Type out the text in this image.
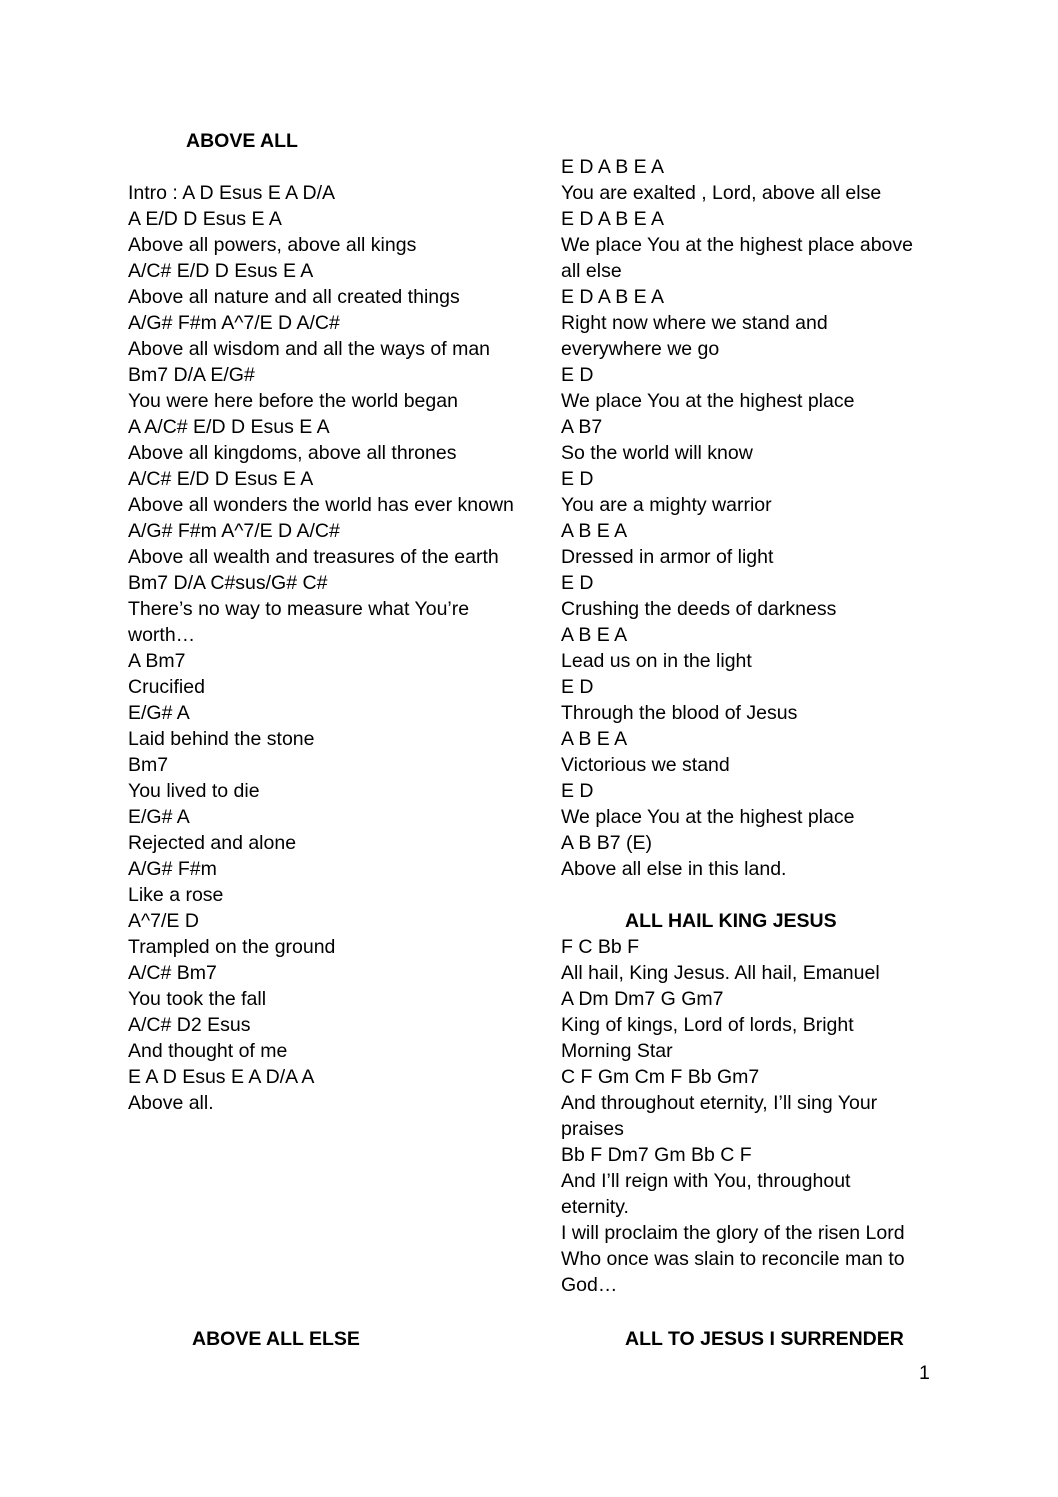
ABOVE ALL
ABOVE ALL ELSE	ALL TO JESUS I SURRENDER
Intro : A D Esus E A D/A
A E/D D Esus E A
Above all powers, above all kings
A/C# E/D D Esus E A
Above all nature and all created things
A/G# F#m A^7/E D A/C#
Above all wisdom and all the ways of man
Bm7 D/A E/G#
You were here before the world began
A A/C# E/D D Esus E A
Above all kingdoms, above all thrones
A/C# E/D D Esus E A
Above all wonders the world has ever known
A/G# F#m A^7/E D A/C#
Above all wealth and treasures of the earth
Bm7 D/A C#sus/G# C#
There’s no way to measure what You’re worth…
A Bm7
Crucified
E/G# A
Laid behind the stone
Bm7
You lived to die
E/G# A
Rejected and alone
A/G# F#m
Like a rose
A^7/E D
Trampled on the ground
A/C# Bm7
You took the fall
A/C# D2 Esus
And thought of me
E A D Esus E A D/A A
Above all.
E D A B E A
You are exalted , Lord, above all else
E D A B E A
We place You at the highest place above all else
E D A B E A
Right now where we stand and everywhere we go
E D
We place You at the highest place
A B7
So the world will know
E D
You are a mighty warrior
A B E A
Dressed in armor of light
E D
Crushing the deeds of darkness
A B E A
Lead us on in the light
E D
Through the blood of Jesus
A B E A
Victorious we stand
E D
We place You at the highest place
A B B7 (E)
Above all else in this land.
ALL HAIL KING JESUS
F C Bb F
All hail, King Jesus. All hail, Emanuel
A Dm Dm7 G Gm7
King of kings, Lord of lords, Bright Morning Star
C F Gm Cm F Bb Gm7
And throughout eternity, I’ll sing Your praises
Bb F Dm7 Gm Bb C F
And I’ll reign with You, throughout eternity.
I will proclaim the glory of the risen Lord
Who once was slain to reconcile man to God…
1
